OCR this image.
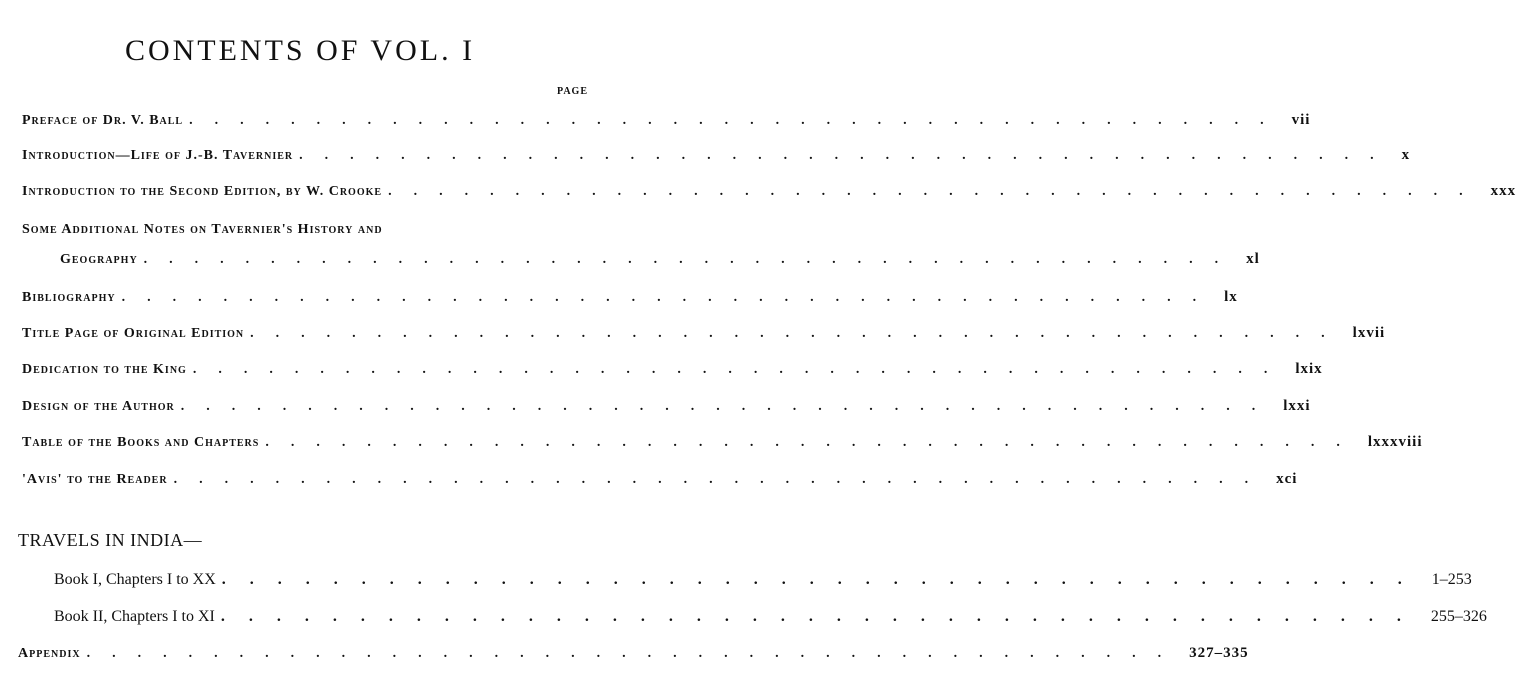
CONTENTS OF VOL. I
PAGE
Preface of Dr. V. Ball ........................................... vii
Introduction—Life of J.-B. Tavernier ........................................... x
Introduction to the Second Edition, by W. Crooke ........................................... xxx
Some Additional Notes on Tavernier's History and
Geography ........................................... xl
Bibliography ........................................... lx
Title Page of Original Edition ........................................... lxvii
Dedication to the King ........................................... lxix
Design of the Author ........................................... lxxi
Table of the Books and Chapters ........................................... lxxxviii
'Avis' to the Reader ........................................... xci
TRAVELS IN INDIA—
Book I, Chapters I to XX ........................................... 1–253
Book II, Chapters I to XI ........................................... 255–326
Appendix ........................................... 327–335
